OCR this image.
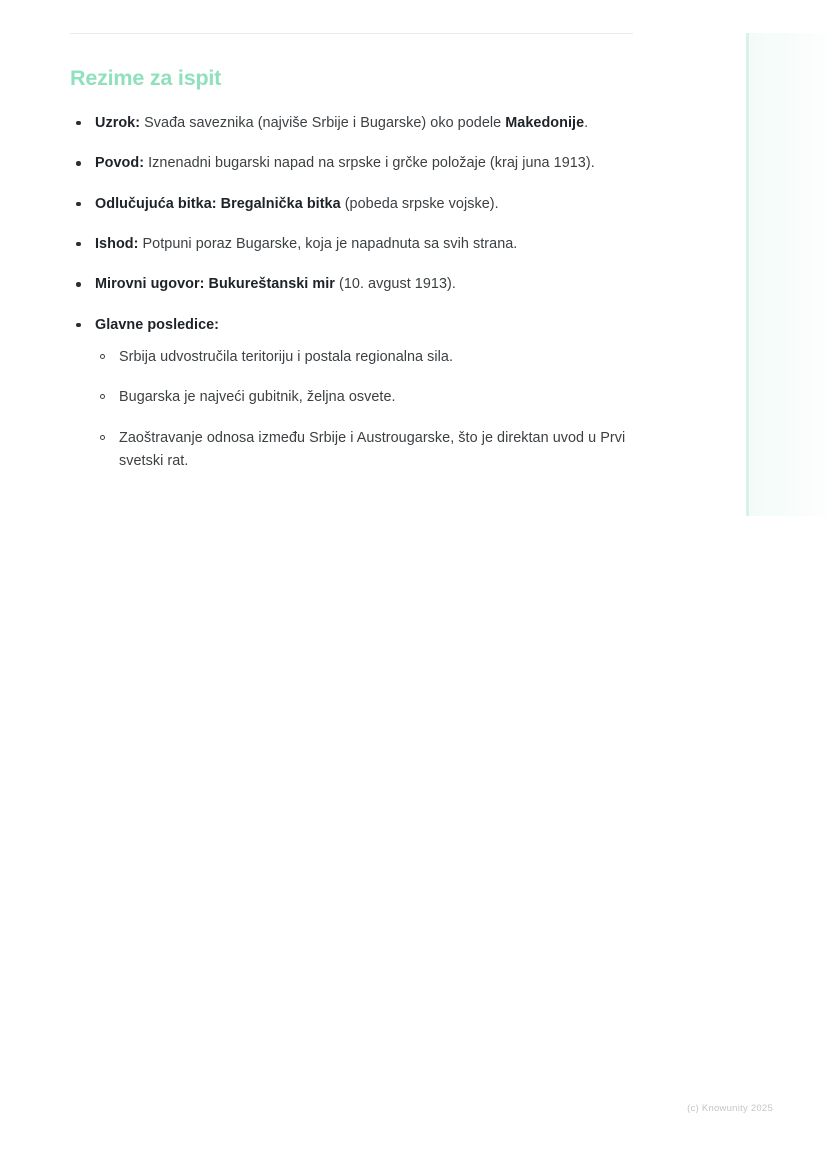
Rezime za ispit
Uzrok: Svađa saveznika (najviše Srbije i Bugarske) oko podele Makedonije.
Povod: Iznenadni bugarski napad na srpske i grčke položaje (kraj juna 1913).
Odlučujuća bitka: Bregalnička bitka (pobeda srpske vojske).
Ishod: Potpuni poraz Bugarske, koja je napadnuta sa svih strana.
Mirovni ugovor: Bukureštanski mir (10. avgust 1913).
Glavne posledice:
Srbija udvostručila teritoriju i postala regionalna sila.
Bugarska je najveći gubitnik, željna osvete.
Zaoštravanje odnosa između Srbije i Austrougarske, što je direktan uvod u Prvi svetski rat.
(c) Knowunity 2025
